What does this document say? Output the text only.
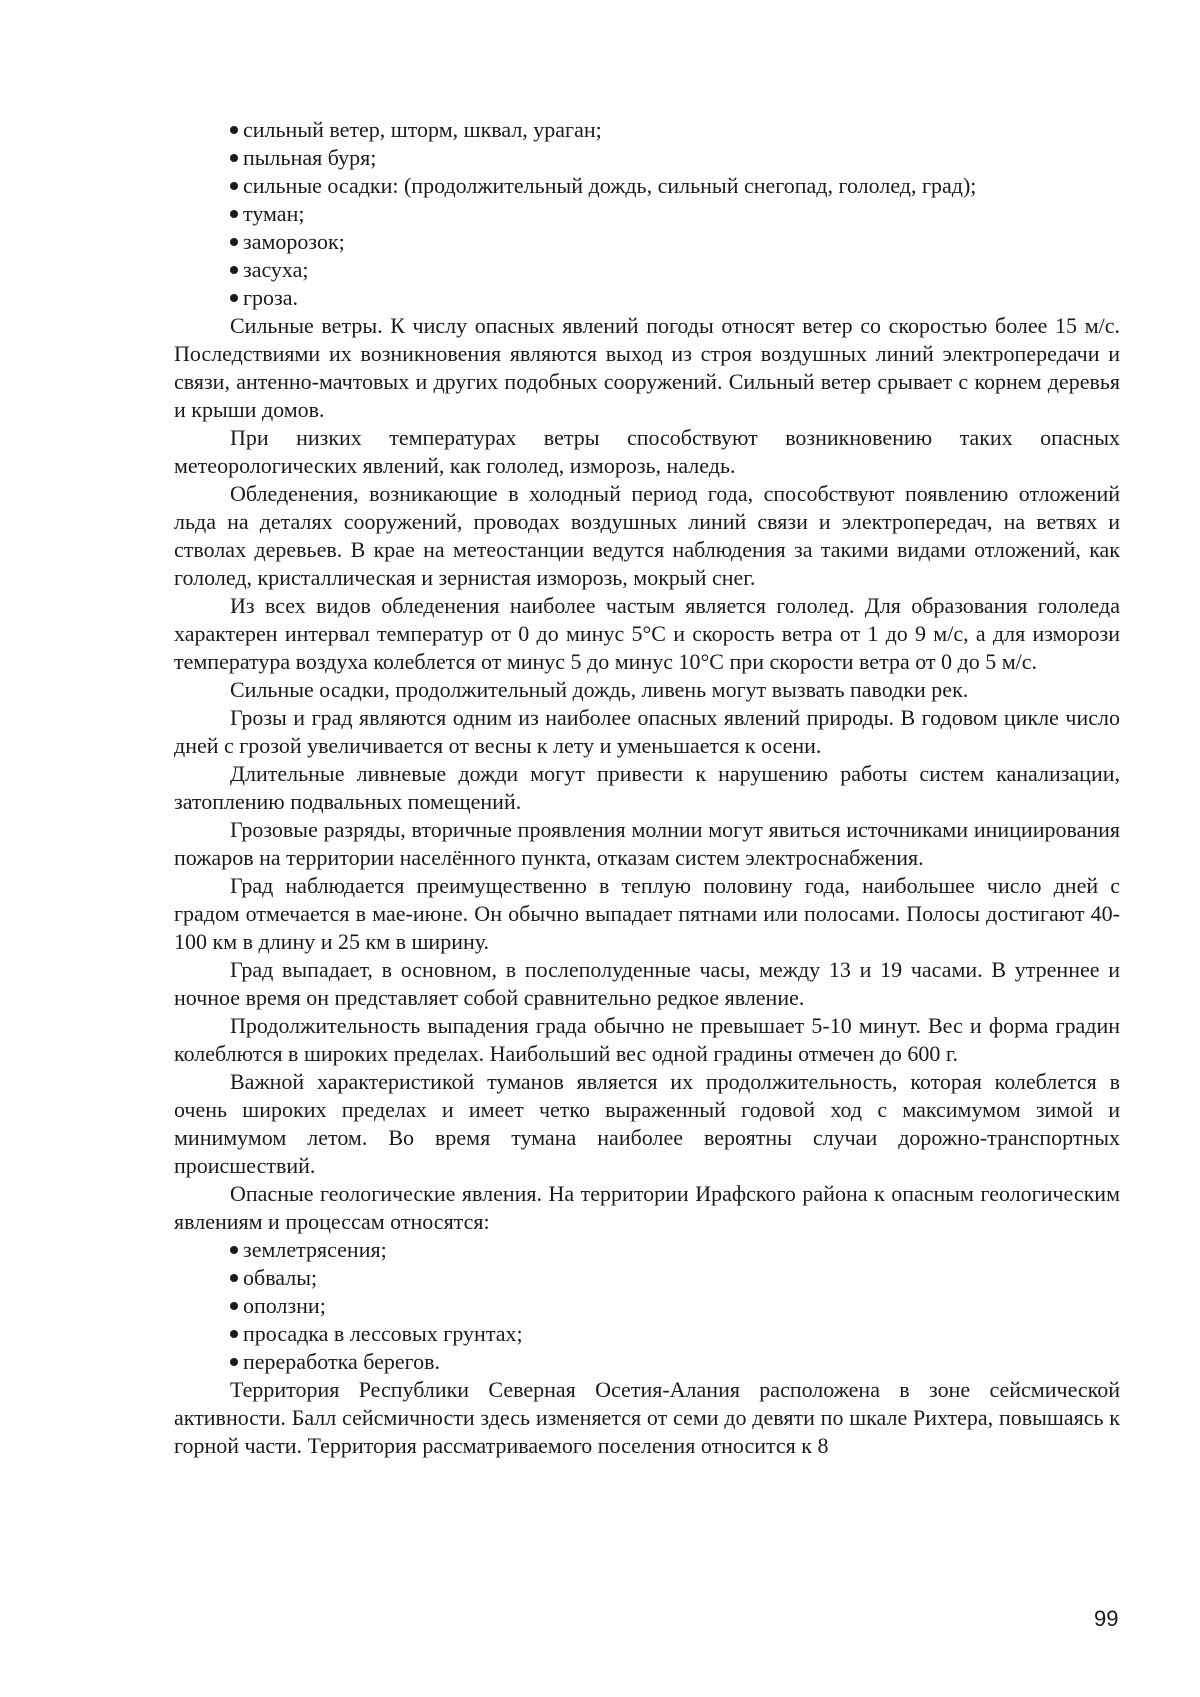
сильный ветер, шторм, шквал, ураган;
пыльная буря;
сильные осадки: (продолжительный дождь, сильный снегопад, гололед, град);
туман;
заморозок;
засуха;
гроза.

Сильные ветры. К числу опасных явлений погоды относят ветер со скоростью более 15 м/с. Последствиями их возникновения являются выход из строя воздушных линий электропередачи и связи, антенно-мачтовых и других подобных сооружений. Сильный ветер срывает с корнем деревья и крыши домов.

При низких температурах ветры способствуют возникновению таких опасных метеорологических явлений, как гололед, изморозь, наледь.

Обледенения, возникающие в холодный период года, способствуют появлению отложений льда на деталях сооружений, проводах воздушных линий связи и электропередач, на ветвях и стволах деревьев. В крае на метеостанции ведутся наблюдения за такими видами отложений, как гололед, кристаллическая и зернистая изморозь, мокрый снег.

Из всех видов обледенения наиболее частым является гололед. Для образования гололеда характерен интервал температур от 0 до минус 5°С и скорость ветра от 1 до 9 м/с, а для изморози температура воздуха колеблется от минус 5 до минус 10°С при скорости ветра от 0 до 5 м/с.

Сильные осадки, продолжительный дождь, ливень могут вызвать паводки рек.

Грозы и град являются одним из наиболее опасных явлений природы. В годовом цикле число дней с грозой увеличивается от весны к лету и уменьшается к осени.

Длительные ливневые дожди могут привести к нарушению работы систем канализации, затоплению подвальных помещений.

Грозовые разряды, вторичные проявления молнии могут явиться источниками инициирования пожаров на территории населённого пункта, отказам систем электроснабжения.

Град наблюдается преимущественно в теплую половину года, наибольшее число дней с градом отмечается в мае-июне. Он обычно выпадает пятнами или полосами. Полосы достигают 40-100 км в длину и 25 км в ширину.

Град выпадает, в основном, в послеполуденные часы, между 13 и 19 часами. В утреннее и ночное время он представляет собой сравнительно редкое явление.

Продолжительность выпадения града обычно не превышает 5-10 минут. Вес и форма градин колеблются в широких пределах. Наибольший вес одной градины отмечен до 600 г.

Важной характеристикой туманов является их продолжительность, которая колеблется в очень широких пределах и имеет четко выраженный годовой ход с максимумом зимой и минимумом летом. Во время тумана наиболее вероятны случаи дорожно-транспортных происшествий.

Опасные геологические явления. На территории Ирафского района к опасным геологическим явлениям и процессам относятся:

землетрясения;
обвалы;
оползни;
просадка в лессовых грунтах;
переработка берегов.

Территория Республики Северная Осетия-Алания расположена в зоне сейсмической активности. Балл сейсмичности здесь изменяется от семи до девяти по шкале Рихтера, повышаясь к горной части. Территория рассматриваемого поселения относится к 8

99
